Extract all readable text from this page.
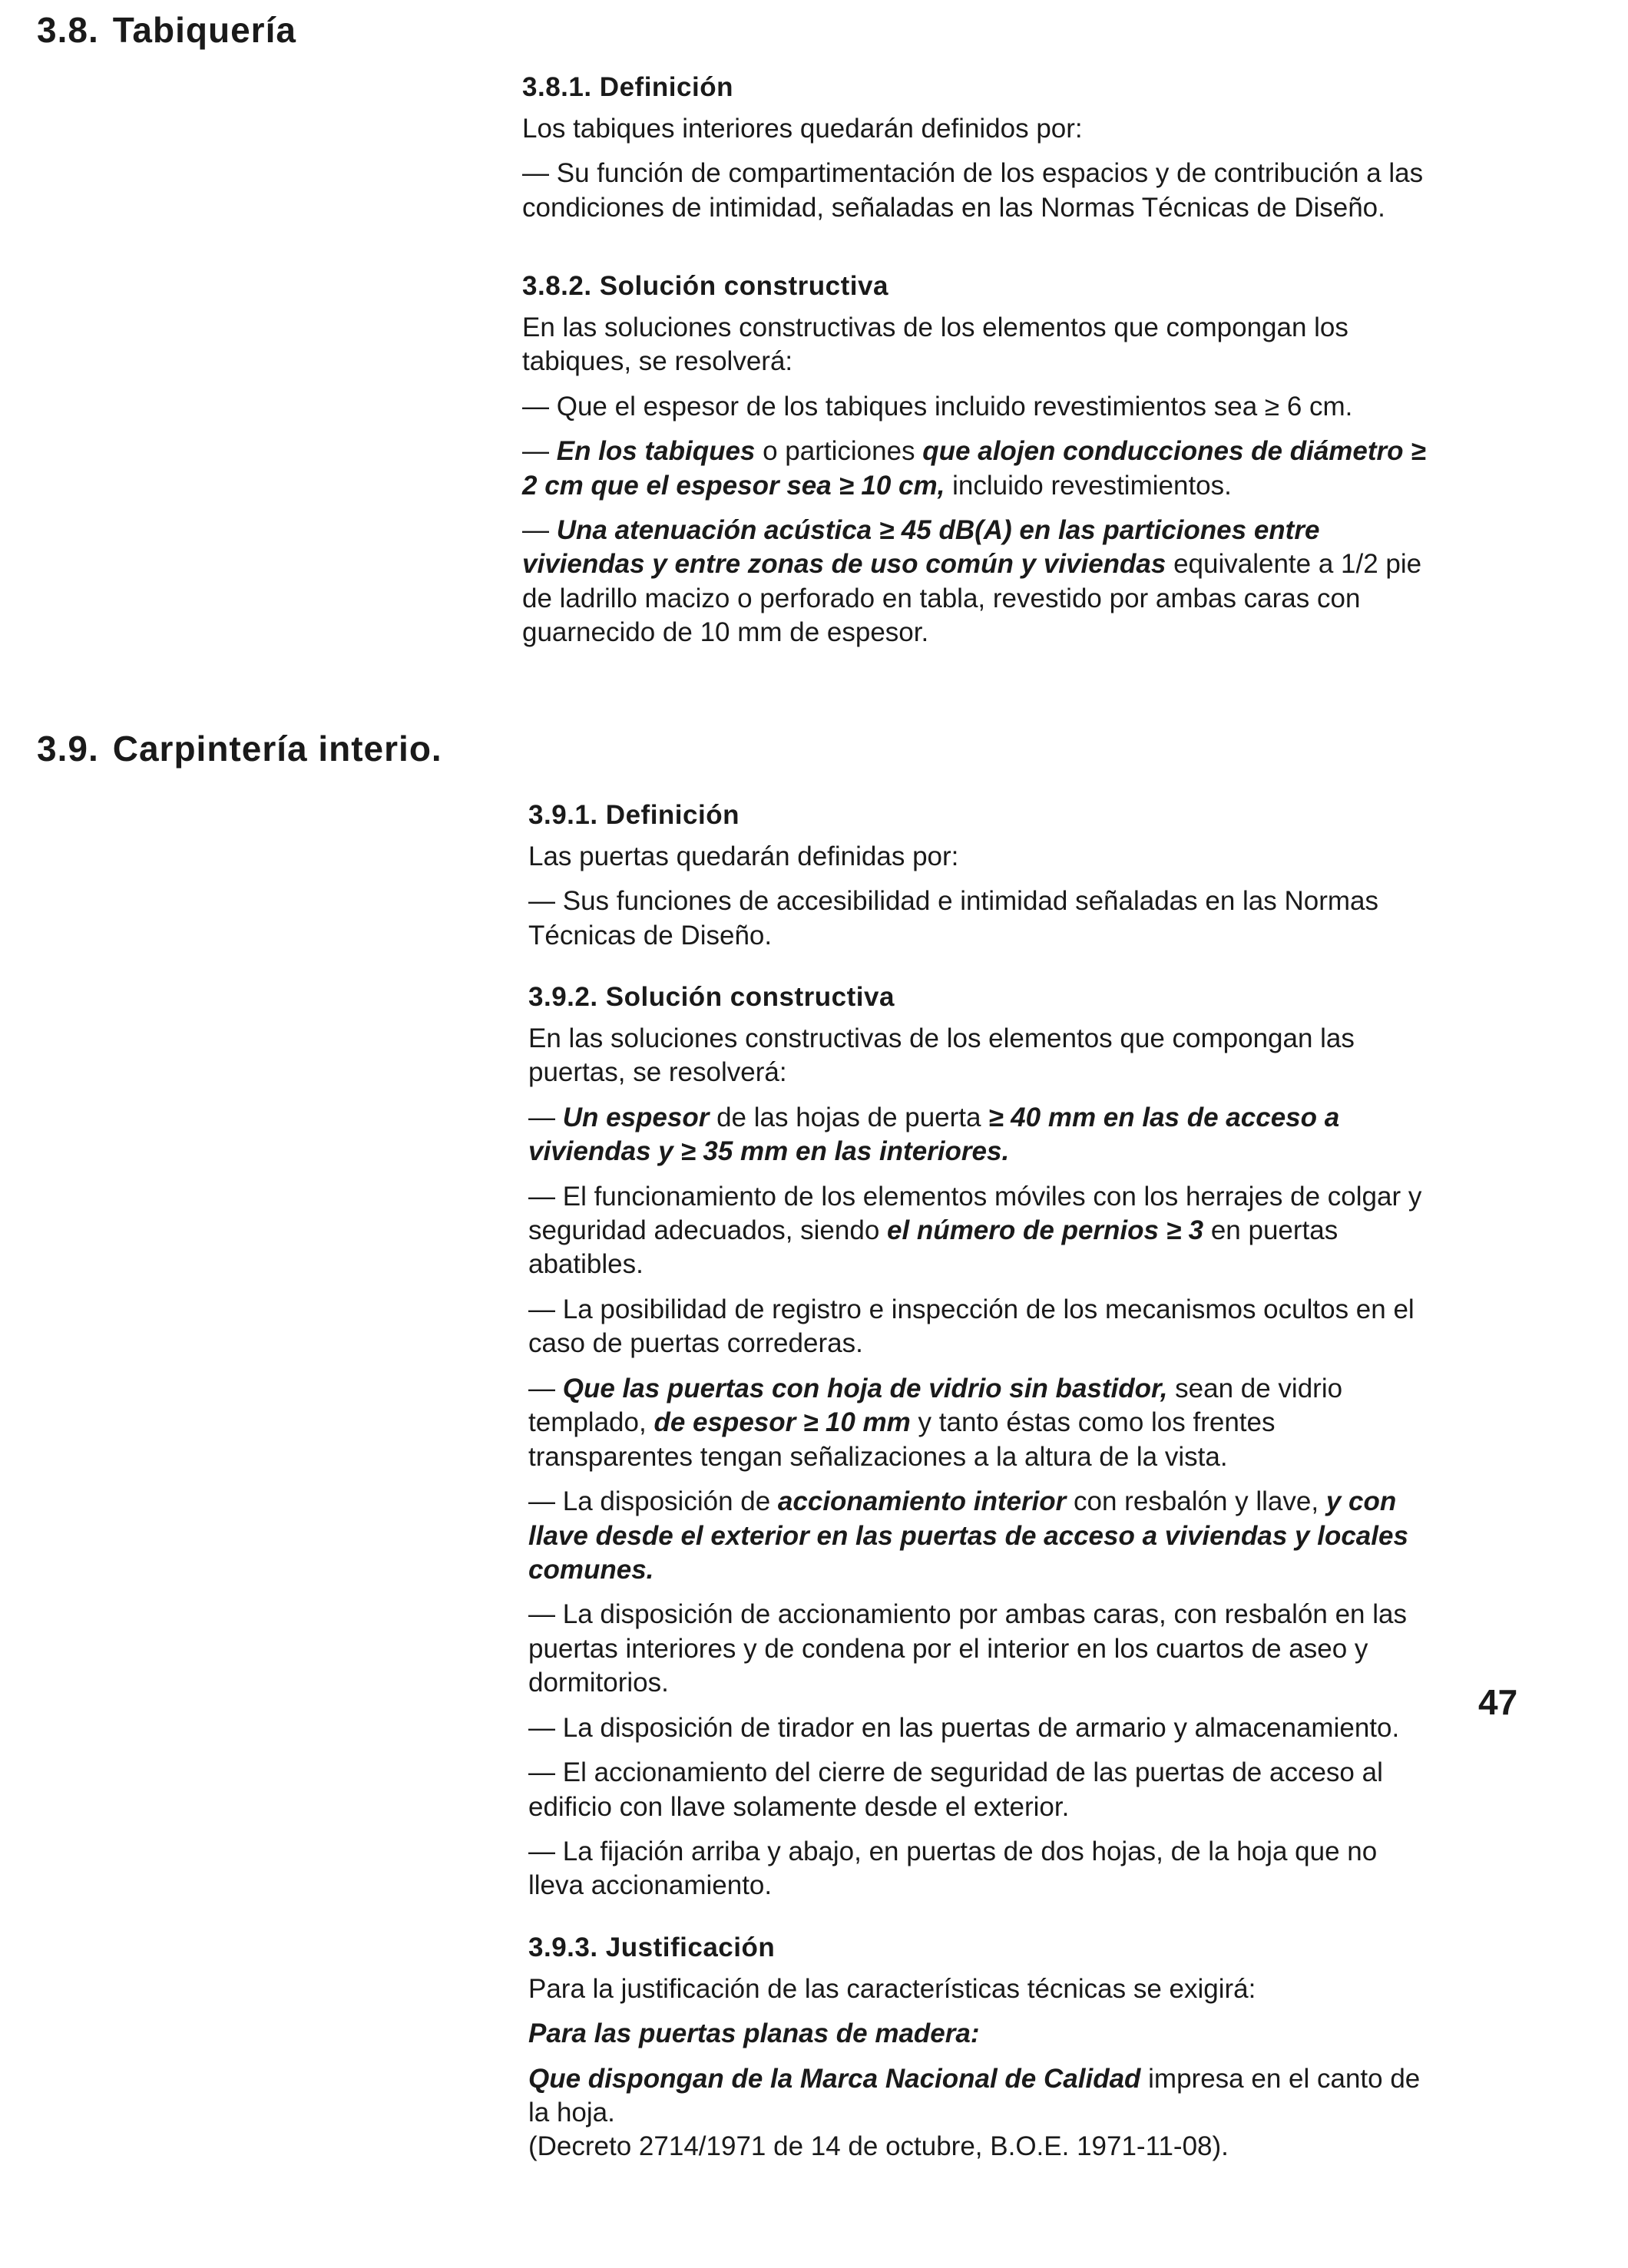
3.8. Tabiquería
3.9. Carpintería interio.
3.8.1. Definición

Los tabiques interiores quedarán definidos por:

— Su función de compartimentación de los espacios y de contribución a las condiciones de intimidad, señaladas en las Normas Técnicas de Diseño.

3.8.2. Solución constructiva

En las soluciones constructivas de los elementos que compongan los tabiques, se resolverá:

— Que el espesor de los tabiques incluido revestimientos sea ≥ 6 cm.

— En los tabiques o particiones que alojen conducciones de diámetro ≥ 2 cm que el espesor sea ≥ 10 cm, incluido revestimientos.

— Una atenuación acústica ≥ 45 dB(A) en las particiones entre viviendas y entre zonas de uso común y viviendas equivalente a 1/2 pie de ladrillo macizo o perforado en tabla, revestido por ambas caras con guarnecido de 10 mm de espesor.

3.9.1. Definición

Las puertas quedarán definidas por:

— Sus funciones de accesibilidad e intimidad señaladas en las Normas Técnicas de Diseño.

3.9.2. Solución constructiva

En las soluciones constructivas de los elementos que compongan las puertas, se resolverá:

— Un espesor de las hojas de puerta ≥ 40 mm en las de acceso a viviendas y ≥ 35 mm en las interiores.

— El funcionamiento de los elementos móviles con los herrajes de colgar y seguridad adecuados, siendo el número de pernios ≥ 3 en puertas abatibles.

— La posibilidad de registro e inspección de los mecanismos ocultos en el caso de puertas correderas.

— Que las puertas con hoja de vidrio sin bastidor, sean de vidrio templado, de espesor ≥ 10 mm y tanto éstas como los frentes transparentes tengan señalizaciones a la altura de la vista.

— La disposición de accionamiento interior con resbalón y llave, y con llave desde el exterior en las puertas de acceso a viviendas y locales comunes.

— La disposición de accionamiento por ambas caras, con resbalón en las puertas interiores y de condena por el interior en los cuartos de aseo y dormitorios.

— La disposición de tirador en las puertas de armario y almacenamiento.

— El accionamiento del cierre de seguridad de las puertas de acceso al edificio con llave solamente desde el exterior.

— La fijación arriba y abajo, en puertas de dos hojas, de la hoja que no lleva accionamiento.

3.9.3. Justificación

Para la justificación de las características técnicas se exigirá:

Para las puertas planas de madera:

Que dispongan de la Marca Nacional de Calidad impresa en el canto de la hoja.

(Decreto 2714/1971 de 14 de octubre, B.O.E. 1971-11-08).

47
